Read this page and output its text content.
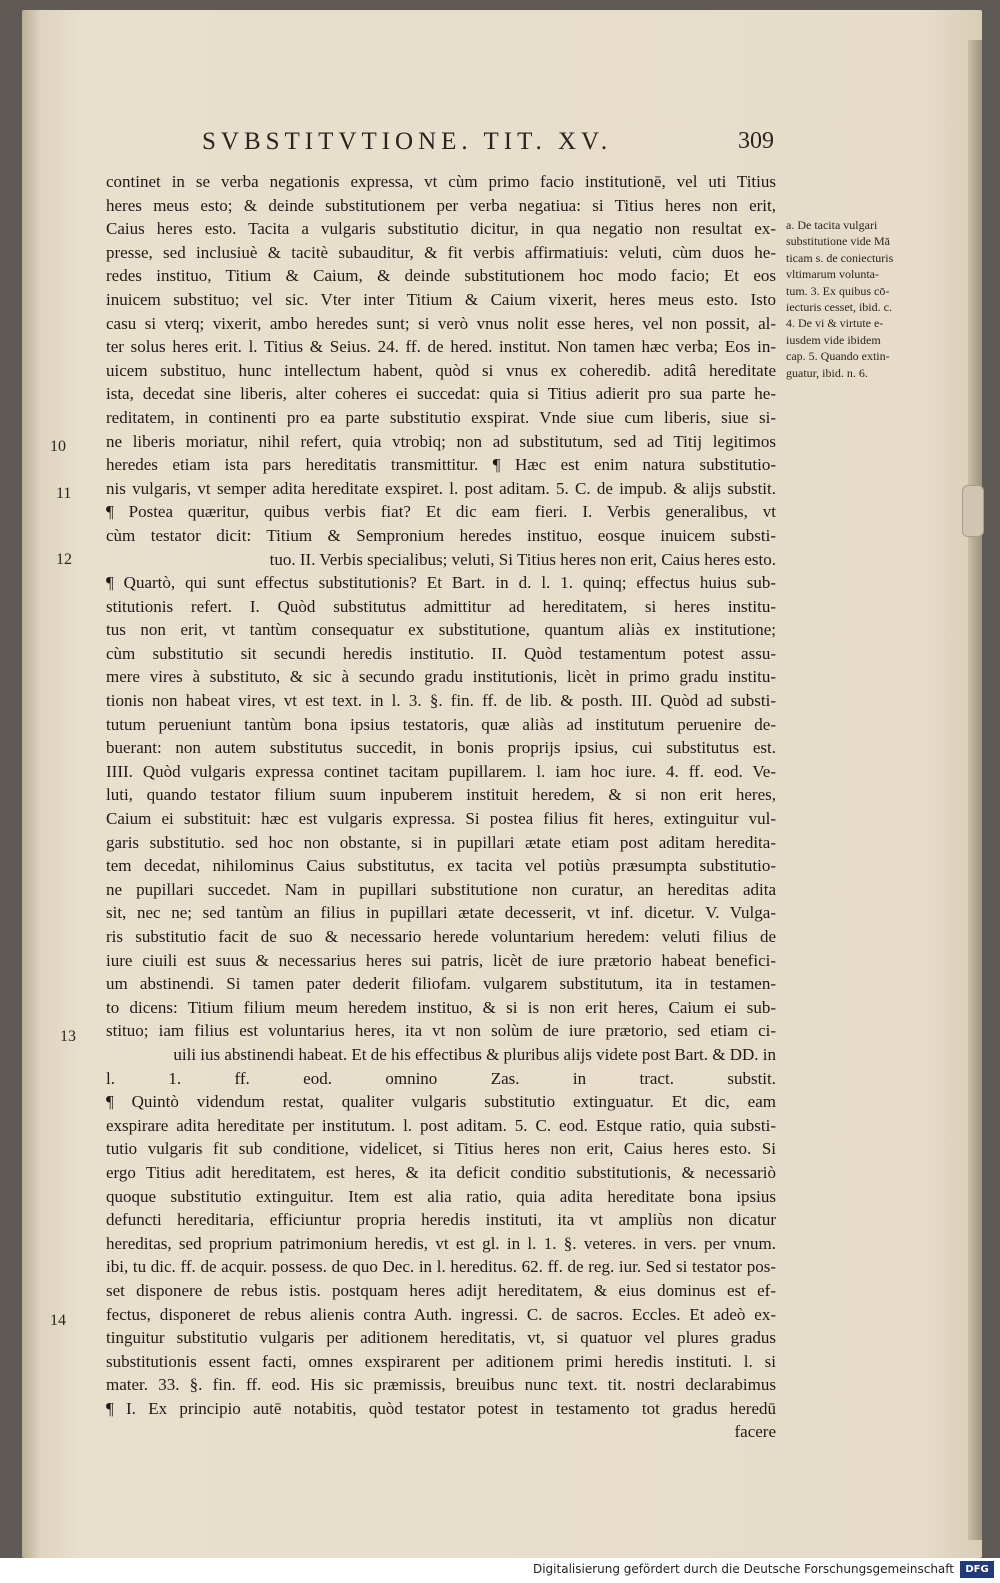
SVBSTITVTIONE. TIT. XV.	309
continet in se verba negationis expressa, vt cùm primo facio institutionē, vel uti Titius
heres meus esto; & deinde substitutionem per verba negatiua: si Titius heres non erit,
Caius heres esto. Tacita a vulgaris substitutio dicitur, in qua negatio non resultat ex-
presse, sed inclusiuè & tacitè subauditur, & fit verbis affirmatiuis: veluti, cùm duos he-
redes instituo, Titium & Caium, & deinde substitutionem hoc modo facio; Et eos
inuicem substituo; vel sic. Vter inter Titium & Caium vixerit, heres meus esto. Isto
casu si vterq; vixerit, ambo heredes sunt; si verò vnus nolit esse heres, vel non possit, al-
ter solus heres erit. l. Titius & Seius. 24. ff. de hered. institut. Non tamen hæc verba; Eos in-
uicem substituo, hunc intellectum habent, quòd si vnus ex coheredib. aditâ hereditate
ista, decedat sine liberis, alter coheres ei succedat: quia si Titius adierit pro sua parte he-
reditatem, in continenti pro ea parte substitutio exspirat. Vnde siue cum liberis, siue si-
ne liberis moriatur, nihil refert, quia vtrobiq; non ad substitutum, sed ad Titij legitimos
heredes etiam ista pars hereditatis transmittitur. ¶ Hæc est enim natura substitutio-
nis vulgaris, vt semper adita hereditate exspiret. l. post aditam. 5. C. de impub. & alijs substit.
¶ Postea quæritur, quibus verbis fiat? Et dic eam fieri. I. Verbis generalibus, vt
cùm testator dicit: Titium & Sempronium heredes instituo, eosque inuicem substi-
tuo. II. Verbis specialibus; veluti, Si Titius heres non erit, Caius heres esto.
¶ Quartò, qui sunt effectus substitutionis? Et Bart. in d. l. 1. quinq; effectus huius sub-
stitutionis refert. I. Quòd substitutus admittitur ad hereditatem, si heres institu-
tus non erit, vt tantùm consequatur ex substitutione, quantum aliàs ex institutione;
cùm substitutio sit secundi heredis institutio. II. Quòd testamentum potest assu-
mere vires à substituto, & sic à secundo gradu institutionis, licèt in primo gradu institu-
tionis non habeat vires, vt est text. in l. 3. §. fin. ff. de lib. & posth. III. Quòd ad substi-
tutum perueniunt tantùm bona ipsius testatoris, quæ aliàs ad institutum peruenire de-
buerant: non autem substitutus succedit, in bonis proprijs ipsius, cui substitutus est.
IIII. Quòd vulgaris expressa continet tacitam pupillarem. l. iam hoc iure. 4. ff. eod. Ve-
luti, quando testator filium suum inpuberem instituit heredem, & si non erit heres,
Caium ei substituit: hæc est vulgaris expressa. Si postea filius fit heres, extinguitur vul-
garis substitutio. sed hoc non obstante, si in pupillari ætate etiam post aditam heredita-
tem decedat, nihilominus Caius substitutus, ex tacita vel potiùs præsumpta substitutio-
ne pupillari succedet. Nam in pupillari substitutione non curatur, an hereditas adita
sit, nec ne; sed tantùm an filius in pupillari ætate decesserit, vt inf. dicetur. V. Vulga-
ris substitutio facit de suo & necessario herede voluntarium heredem: veluti filius de
iure ciuili est suus & necessarius heres sui patris, licèt de iure prætorio habeat benefici-
um abstinendi. Si tamen pater dederit filiofam. vulgarem substitutum, ita in testamen-
to dicens: Titium filium meum heredem instituo, & si is non erit heres, Caium ei sub-
stituo; iam filius est voluntarius heres, ita vt non solùm de iure prætorio, sed etiam ci-
uili ius abstinendi habeat. Et de his effectibus & pluribus alijs videte post Bart. & DD. in
l. 1. ff. eod. omnino Zas. in tract. substit.
¶ Quintò videndum restat, qualiter vulgaris substitutio extinguatur. Et dic, eam
exspirare adita hereditate per institutum. l. post aditam. 5. C. eod. Estque ratio, quia substi-
tutio vulgaris fit sub conditione, videlicet, si Titius heres non erit, Caius heres esto. Si
ergo Titius adit hereditatem, est heres, & ita deficit conditio substitutionis, & necessariò
quoque substitutio extinguitur. Item est alia ratio, quia adita hereditate bona ipsius
defuncti hereditaria, efficiuntur propria heredis instituti, ita vt ampliùs non dicatur
hereditas, sed proprium patrimonium heredis, vt est gl. in l. 1. §. veteres. in vers. per vnum.
ibi, tu dic. ff. de acquir. possess. de quo Dec. in l. hereditus. 62. ff. de reg. iur. Sed si testator pos-
set disponere de rebus istis. postquam heres adijt hereditatem, & eius dominus est ef-
fectus, disponeret de rebus alienis contra Auth. ingressi. C. de sacros. Eccles. Et adeò ex-
tinguitur substitutio vulgaris per aditionem hereditatis, vt, si quatuor vel plures gradus
substitutionis essent facti, omnes exspirarent per aditionem primi heredis instituti. l. si
mater. 33. §. fin. ff. eod. His sic præmissis, breuibus nunc text. tit. nostri declarabimus
¶ I. Ex principio autē notabitis, quòd testator potest in testamento tot gradus heredū
facere
a. De tacita vulgari
substitutione vide Mā
ticam s. de coniecturis
vltimarum volunta-
tum. 3. Ex quibus cō-
iecturis cesset, ibid. c.
4. De vi & virtute e-
iusdem vide ibidem
cap. 5. Quando extin-
guatur, ibid. n. 6.
10
11
12
13
14
Digitalisierung gefördert durch die Deutsche Forschungsgemeinschaft	DFG
